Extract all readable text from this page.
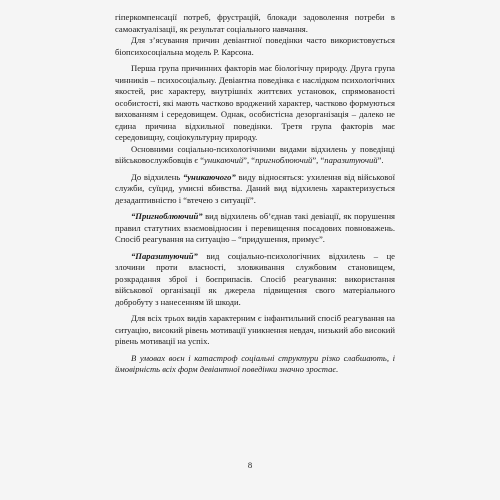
гіперкомпенсації потреб, фрустрацій, блокади задоволення потреби в самоактуалізації, як результат соціального навчання.

Для з’ясування причин девіантної поведінки часто використовується біопсихосоціальна модель Р. Карсона.

Перша група причинних факторів має біологічну природу. Друга група чинників – психосоціальну. Девіантна поведінка є наслідком психологічних якостей, рис характеру, внутрішніх життєвих установок, спрямованості особистості, які мають частково вроджений характер, частково формуються вихованням і середовищем. Однак, особистісна дезорганізація – далеко не єдина причина відхильної поведінки. Третя група факторів має середовищну, соціокультурну природу.

Основними соціально-психологічними видами відхилень у поведінці військовослужбовців є “уникаючий”, “пригноблюючий”, “паразитуючий”.

До відхилень “уникаючого” виду відносяться: ухилення від військової служби, суїцид, умисні вбивства. Даний вид відхилень характеризується дезадаптивністю і “втечею з ситуації”.

“Пригноблюючий” вид відхилень об’єднав такі девіації, як порушення правил статутних взаємовідносин і перевищення посадових повноважень. Спосіб реагування на ситуацію – “придушення, примус”.

“Паразитуючий” вид соціально-психологічних відхилень – це злочини проти власності, зловживання службовим становищем, розкрадання зброї і боєприпасів. Спосіб реагування: використання військової організації як джерела підвищення свого матеріального добробуту з нанесенням їй шкоди.

Для всіх трьох видів характерним є інфантильний спосіб реагування на ситуацію, високий рівень мотивації уникнення невдач, низький або високий рівень мотивації на успіх.

В умовах воєн і катастроф соціальні структури різко слабшають, і ймовірність всіх форм девіантної поведінки значно зростає.

8
